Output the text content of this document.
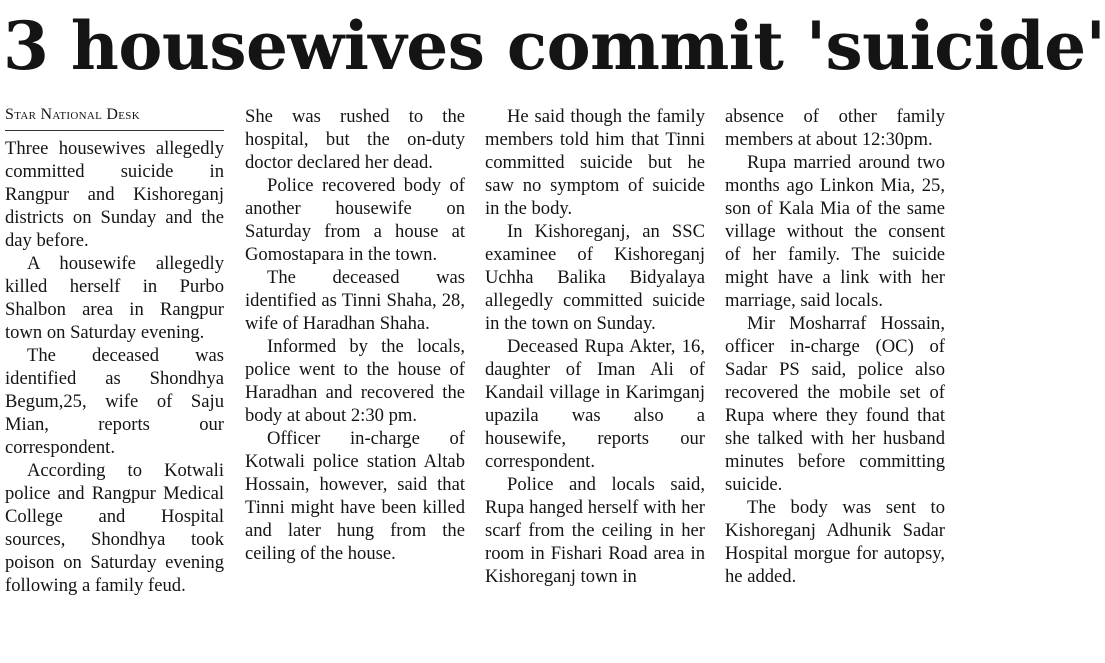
3 housewives commit 'suicide'
Star National Desk

Three housewives allegedly committed suicide in Rangpur and Kishoreganj districts on Sunday and the day before.

A housewife allegedly killed herself in Purbo Shalbon area in Rangpur town on Saturday evening.

The deceased was identified as Shondhya Begum,25, wife of Saju Mian, reports our correspondent.

According to Kotwali police and Rangpur Medical College and Hospital sources, Shondhya took poison on Saturday evening following a family feud.

She was rushed to the hospital, but the on-duty doctor declared her dead.

Police recovered body of another housewife on Saturday from a house at Gomostapara in the town.

The deceased was identified as Tinni Shaha, 28, wife of Haradhan Shaha.

Informed by the locals, police went to the house of Haradhan and recovered the body at about 2:30 pm.

Officer in-charge of Kotwali police station Altab Hossain, however, said that Tinni might have been killed and later hung from the ceiling of the house.

He said though the family members told him that Tinni committed suicide but he saw no symptom of suicide in the body.

In Kishoreganj, an SSC examinee of Kishoreganj Uchha Balika Bidyalaya allegedly committed suicide in the town on Sunday.

Deceased Rupa Akter, 16, daughter of Iman Ali of Kandail village in Karimganj upazila was also a housewife, reports our correspondent.

Police and locals said, Rupa hanged herself with her scarf from the ceiling in her room in Fishari Road area in Kishoreganj town in

absence of other family members at about 12:30pm.

Rupa married around two months ago Linkon Mia, 25, son of Kala Mia of the same village without the consent of her family. The suicide might have a link with her marriage, said locals.

Mir Mosharraf Hossain, officer in-charge (OC) of Sadar PS said, police also recovered the mobile set of Rupa where they found that she talked with her husband minutes before committing suicide.

The body was sent to Kishoreganj Adhunik Sadar Hospital morgue for autopsy, he added.
